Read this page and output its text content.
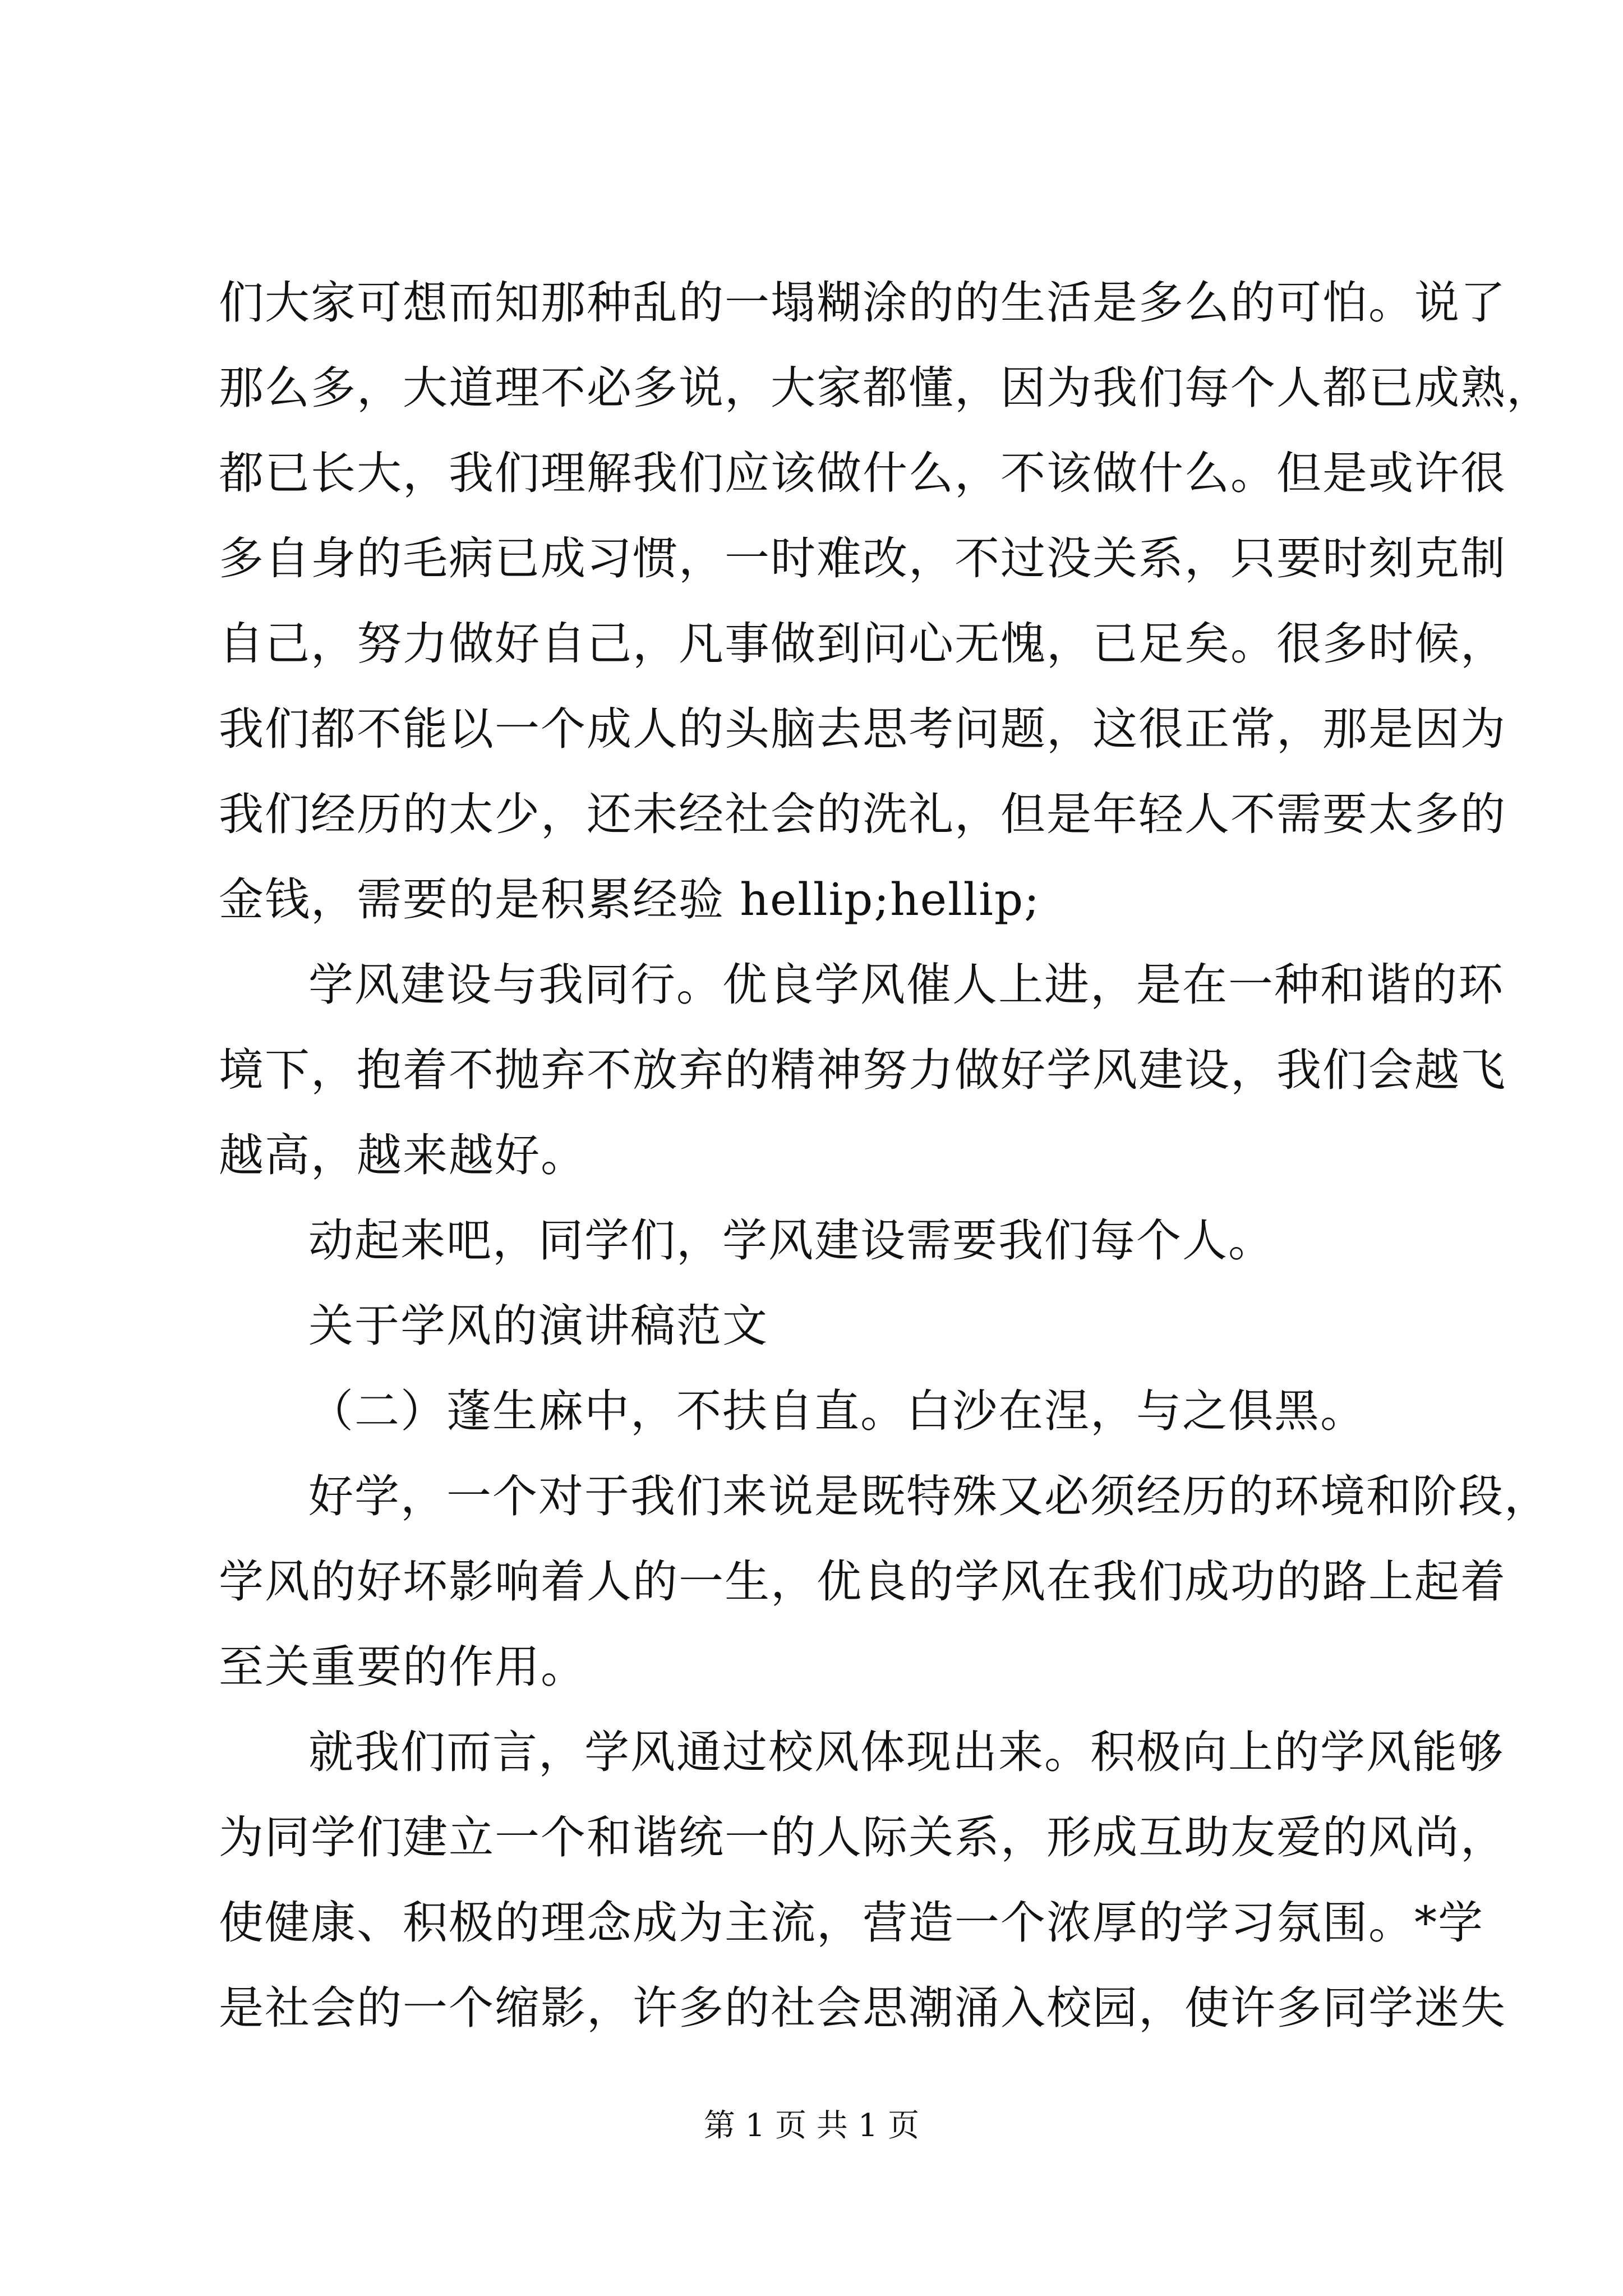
们大家可想而知那种乱的一塌糊涂的的生活是多么的可怕。说了
那么多，大道理不必多说，大家都懂，因为我们每个人都已成熟，
都已长大，我们理解我们应该做什么，不该做什么。但是或许很
多自身的毛病已成习惯，一时难改，不过没关系，只要时刻克制
自己，努力做好自己，凡事做到问心无愧，已足矣。很多时候，
我们都不能以一个成人的头脑去思考问题，这很正常，那是因为
我们经历的太少，还未经社会的洗礼，但是年轻人不需要太多的
金钱，需要的是积累经验 hellip;hellip;
学风建设与我同行。优良学风催人上进，是在一种和谐的环
境下，抱着不抛弃不放弃的精神努力做好学风建设，我们会越飞
越高，越来越好。
动起来吧，同学们，学风建设需要我们每个人。
关于学风的演讲稿范文
（二）蓬生麻中，不扶自直。白沙在涅，与之俱黑。
好学，一个对于我们来说是既特殊又必须经历的环境和阶段，
学风的好坏影响着人的一生，优良的学风在我们成功的路上起着
至关重要的作用。
就我们而言，学风通过校风体现出来。积极向上的学风能够
为同学们建立一个和谐统一的人际关系，形成互助友爱的风尚，
使健康、积极的理念成为主流，营造一个浓厚的学习氛围。*学
是社会的一个缩影，许多的社会思潮涌入校园，使许多同学迷失
第 1 页 共 1 页
